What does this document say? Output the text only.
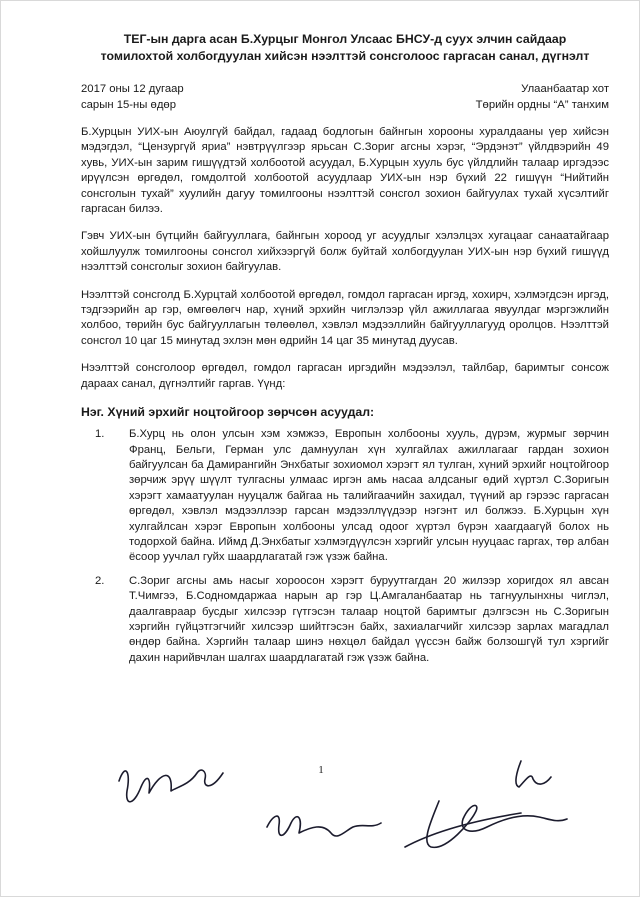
ТЕГ-ын дарга асан Б.Хурцыг Монгол Улсаас БНСУ-д суух элчин сайдаар
томилохтой холбогдуулан хийсэн нээлттэй сонсголоос гаргасан санал, дүгнэлт
2017 оны 12 дугаар
сарын 15-ны өдөр
Улаанбаатар хот
Төрийн ордны “А” танхим

Б.Хурцын УИХ-ын Аюулгүй байдал, гадаад бодлогын байнгын хорооны хуралдааны үер хийсэн мэдэгдэл, “Цензургүй яриа” нэвтрүүлгээр ярьсан С.Зориг агсны хэрэг, “Эрдэнэт” үйлдвэрийн 49 хувь, УИХ-ын зарим гишүүдтэй холбоотой асуудал, Б.Хурцын хууль бус үйлдлийн талаар иргэдээс ирүүлсэн өргөдөл, гомдолтой холбоотой асуудлаар УИХ-ын нэр бүхий 22 гишүүн “Нийтийн сонсголын тухай” хуулийн дагуу томилгооны нээлттэй сонсгол зохион байгуулах тухай хүсэлтийг гаргасан билээ.

Гэвч УИХ-ын бүтцийн байгууллага, байнгын хороод уг асуудлыг хэлэлцэх хугацааг санаатайгаар хойшлуулж томилгооны сонсгол хийхээргүй болж буйтай холбогдуулан УИХ-ын нэр бүхий гишүүд нээлттэй сонсголыг зохион байгуулав.

Нээлттэй сонсголд Б.Хурцтай холбоотой өргөдөл, гомдол гаргасан иргэд, хохирч, хэлмэгдсэн иргэд, тэдгээрийн ар гэр, өмгөөлөгч нар, хүний эрхийн чиглэлээр үйл ажиллагаа явуулдаг мэргэжлийн холбоо, төрийн бус байгууллагын төлөөлөл, хэвлэл мэдээллийн байгууллагууд оролцов. Нээлттэй сонсгол 10 цаг 15 минутад эхлэн мөн өдрийн 14 цаг 35 минутад дуусав.

Нээлттэй сонсголоор өргөдөл, гомдол гаргасан иргэдийн мэдээлэл, тайлбар, баримтыг сонсож дараах санал, дүгнэлтийг гаргав. Үүнд:

Нэг. Хүний эрхийг ноцтойгоор зөрчсөн асуудал:
1.	Б.Хурц нь олон улсын хэм хэмжээ, Европын холбооны хууль, дүрэм, журмыг зөрчин Франц, Бельги, Герман улс дамнуулан хүн хулгайлах ажиллагааг гардан зохион байгуулсан ба Дамирангийн Энхбатыг зохиомол хэрэгт ял тулган, хүний эрхийг ноцтойгоор зөрчиж эрүү шүүлт тулгасны улмаас иргэн амь насаа алдсаныг өдий хүртэл С.Зоригын хэрэгт хамаатуулан нууцалж байгаа нь талийгаачийн захидал, түүний ар гэрээс гаргасан өргөдөл, хэвлэл мэдээллээр гарсан мэдээллүүдээр нэгэнт ил болжээ. Б.Хурцын хүн хулгайлсан хэрэг Европын холбооны улсад одоог хүртэл бүрэн хаагдаагүй болох нь тодорхой байна. Иймд Д.Энхбатыг хэлмэгдүүлсэн хэргийг улсын нууцаас гаргах, төр албан ёсоор уучлал гуйх шаардлагатай гэж үзэж байна.
2.	С.Зориг агсны амь насыг хороосон хэрэгт буруутгагдан 20 жилээр хоригдох ял авсан Т.Чимгээ, Б.Содномдаржаа нарын ар гэр Ц.Амгаланбаатар нь тагнуулынхны чиглэл, даалгавраар бусдыг хилсээр гүтгэсэн талаар ноцтой баримтыг дэлгэсэн нь С.Зоригын хэргийн гүйцэтгэгчийг хилсээр шийтгэсэн байх, захиалагчийг хилсээр зарлах магадлал өндөр байна. Хэргийн талаар шинэ нөхцөл байдал үүссэн байж болзошгүй тул хэргийг дахин нарийвчлан шалгах шаардлагатай гэж үзэж байна.
1
